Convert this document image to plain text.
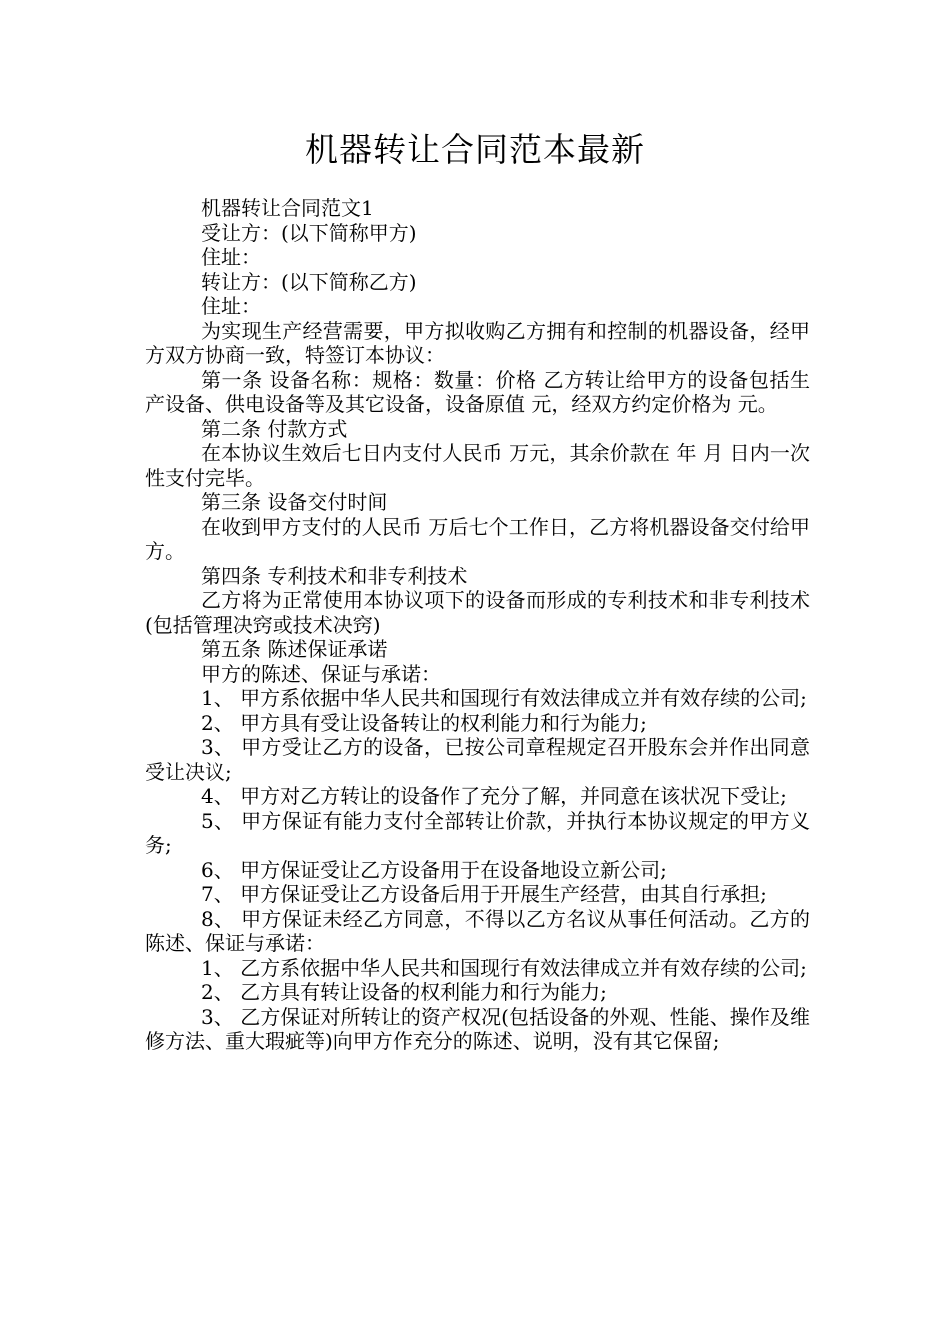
机器转让合同范本最新

机器转让合同范文1

受让方：(以下简称甲方)

住址：

转让方：(以下简称乙方)

住址：

为实现生产经营需要，甲方拟收购乙方拥有和控制的机器设备，经甲方双方协商一致，特签订本协议：

第一条 设备名称：规格：数量：价格 乙方转让给甲方的设备包括生产设备、供电设备等及其它设备，设备原值 元，经双方约定价格为 元。

第二条 付款方式

在本协议生效后七日内支付人民币 万元，其余价款在 年 月 日内一次性支付完毕。

第三条 设备交付时间

在收到甲方支付的人民币 万后七个工作日，乙方将机器设备交付给甲方。

第四条 专利技术和非专利技术

乙方将为正常使用本协议项下的设备而形成的专利技术和非专利技术(包括管理决窍或技术决窍)

第五条 陈述保证承诺

甲方的陈述、保证与承诺：

1、 甲方系依据中华人民共和国现行有效法律成立并有效存续的公司;

2、 甲方具有受让设备转让的权利能力和行为能力;

3、 甲方受让乙方的设备，已按公司章程规定召开股东会并作出同意受让决议;

4、 甲方对乙方转让的设备作了充分了解，并同意在该状况下受让;

5、 甲方保证有能力支付全部转让价款，并执行本协议规定的甲方义务;

6、 甲方保证受让乙方设备用于在设备地设立新公司;

7、 甲方保证受让乙方设备后用于开展生产经营，由其自行承担;

8、 甲方保证未经乙方同意，不得以乙方名议从事任何活动。乙方的陈述、保证与承诺：

1、 乙方系依据中华人民共和国现行有效法律成立并有效存续的公司;

2、 乙方具有转让设备的权利能力和行为能力;

3、 乙方保证对所转让的资产权况(包括设备的外观、性能、操作及维修方法、重大瑕疵等)向甲方作充分的陈述、说明，没有其它保留;
